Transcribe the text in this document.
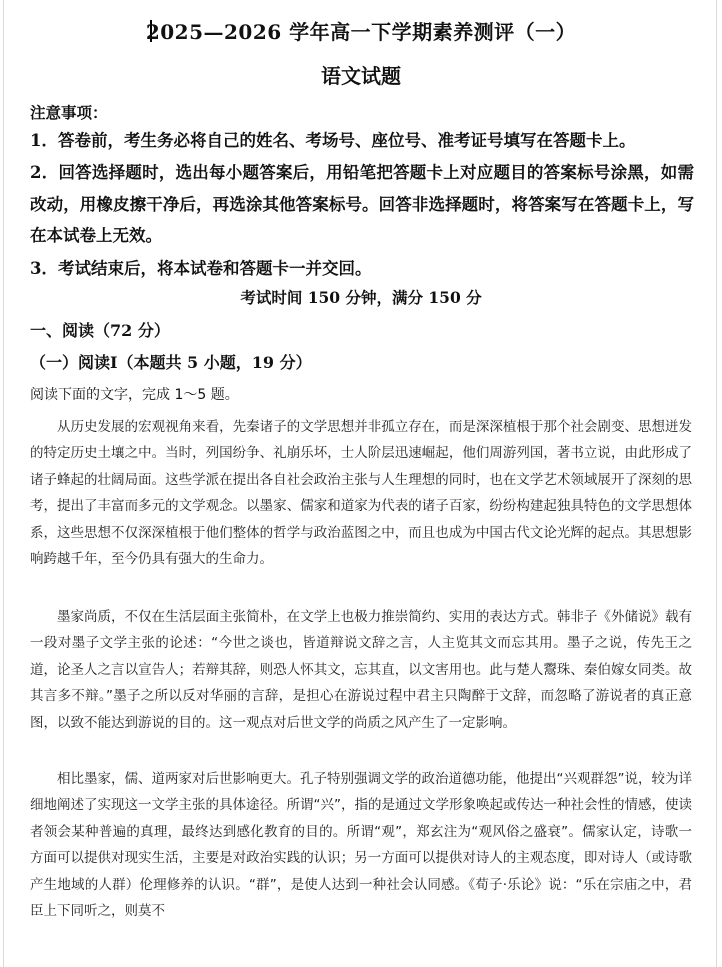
2025—2026 学年高一下学期素养测评（一）
语文试题
注意事项：
1．答卷前，考生务必将自己的姓名、考场号、座位号、准考证号填写在答题卡上。
2．回答选择题时，选出每小题答案后，用铅笔把答题卡上对应题目的答案标号涂黑，如需改动，用橡皮擦干净后，再选涂其他答案标号。回答非选择题时，将答案写在答题卡上，写在本试卷上无效。
3．考试结束后，将本试卷和答题卡一并交回。
考试时间 150 分钟，满分 150 分
一、阅读（72 分）
（一）阅读I（本题共 5 小题，19 分）
阅读下面的文字，完成 1～5 题。
从历史发展的宏观视角来看，先秦诸子的文学思想并非孤立存在，而是深深植根于那个社会剧变、思想迸发的特定历史土壤之中。当时，列国纷争、礼崩乐坏，士人阶层迅速崛起，他们周游列国，著书立说，由此形成了诸子蜂起的壮阔局面。这些学派在提出各自社会政治主张与人生理想的同时，也在文学艺术领域展开了深刻的思考，提出了丰富而多元的文学观念。以墨家、儒家和道家为代表的诸子百家，纷纷构建起独具特色的文学思想体系，这些思想不仅深深植根于他们整体的哲学与政治蓝图之中，而且也成为中国古代文论光辉的起点。其思想影响跨越千年，至今仍具有强大的生命力。
墨家尚质，不仅在生活层面主张简朴，在文学上也极力推崇简约、实用的表达方式。韩非子《外储说》载有一段对墨子文学主张的论述：“今世之谈也，皆道辩说文辞之言，人主览其文而忘其用。墨子之说，传先王之道，论圣人之言以宣告人；若辩其辞，则恐人怀其文，忘其直，以文害用也。此与楚人鬻珠、秦伯嫁女同类。故其言多不辩。”墨子之所以反对华丽的言辞，是担心在游说过程中君主只陶醉于文辞，而忽略了游说者的真正意图，以致不能达到游说的目的。这一观点对后世文学的尚质之风产生了一定影响。
相比墨家，儒、道两家对后世影响更大。孔子特别强调文学的政治道德功能，他提出“兴观群怨”说，较为详细地阐述了实现这一文学主张的具体途径。所谓“兴”，指的是通过文学形象唤起或传达一种社会性的情感，使读者领会某种普遍的真理，最终达到感化教育的目的。所谓“观”，郑玄注为“观风俗之盛衰”。儒家认定，诗歌一方面可以提供对现实生活，主要是对政治实践的认识；另一方面可以提供对诗人的主观态度，即对诗人（或诗歌产生地域的人群）伦理修养的认识。“群”，是使人达到一种社会认同感。《荀子·乐论》说：“乐在宗庙之中，君臣上下同听之，则莫不
